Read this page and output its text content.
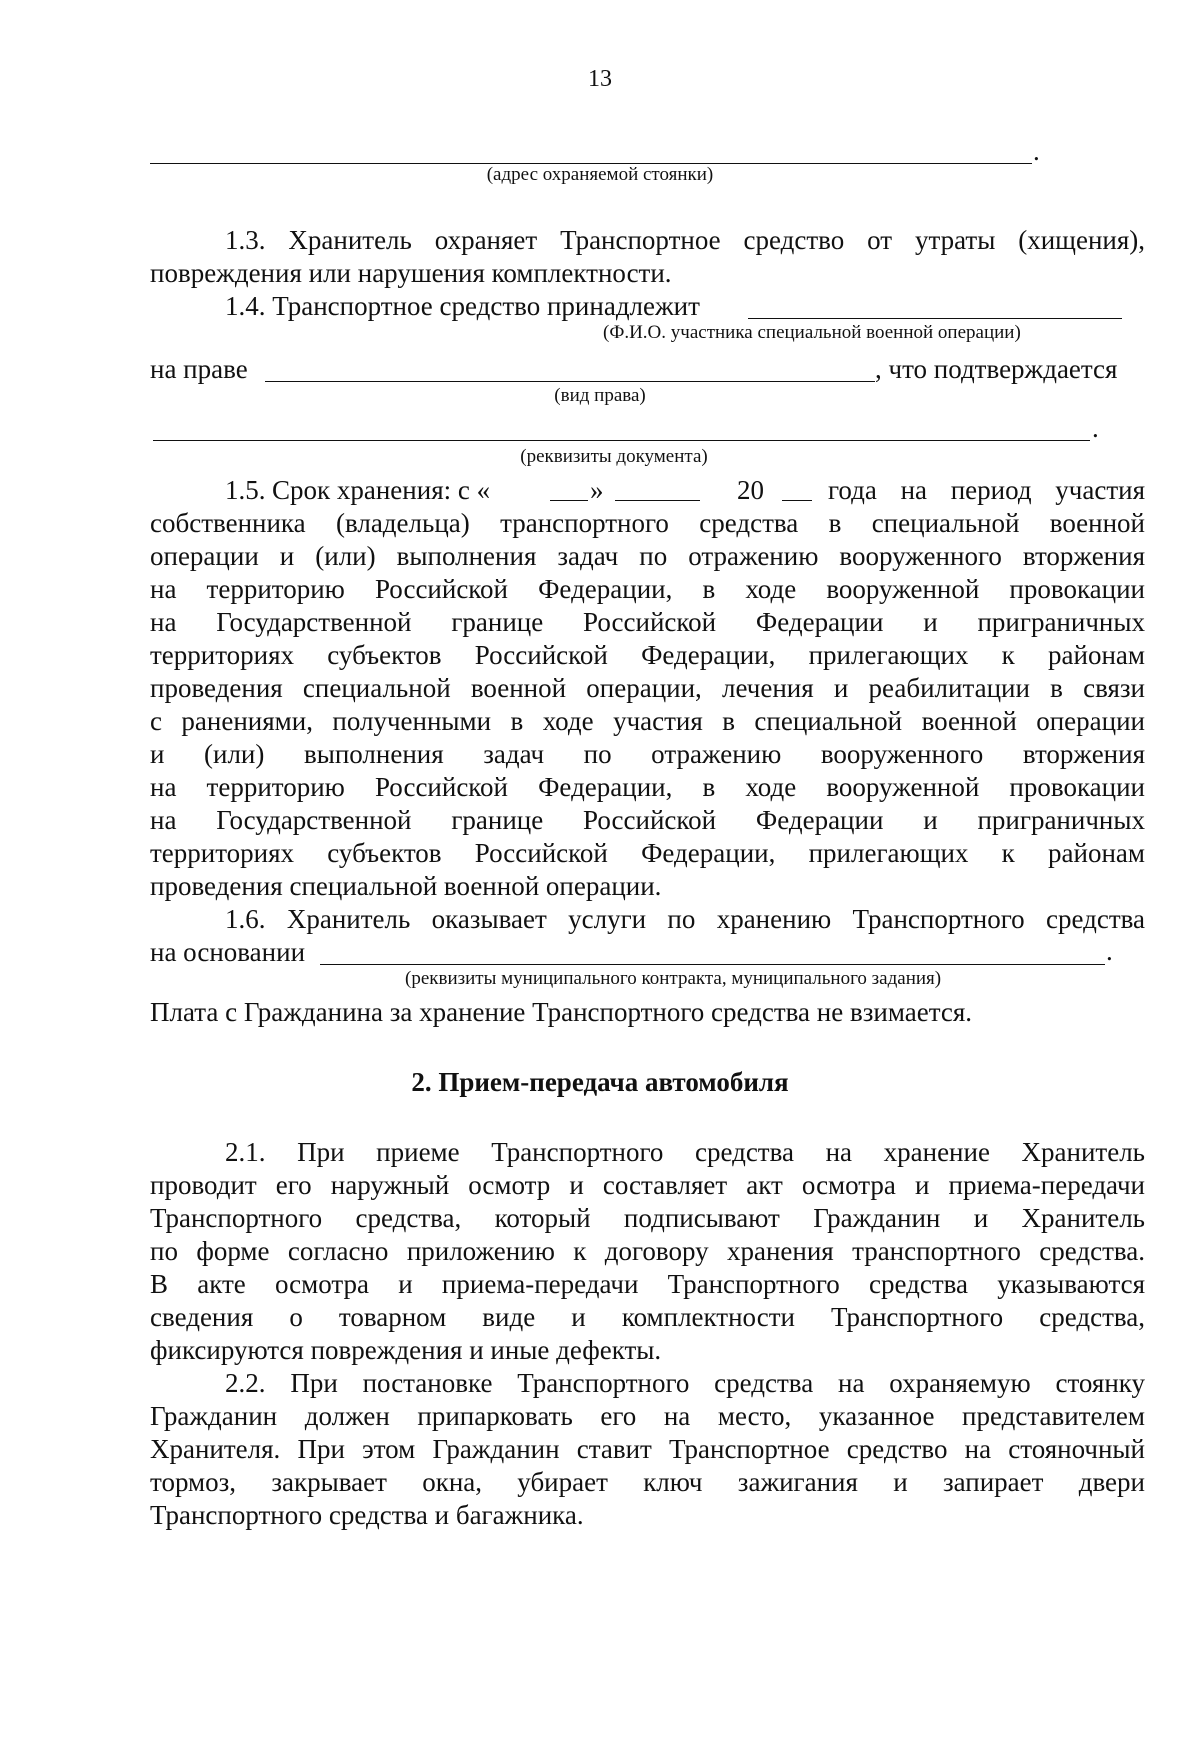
13
.
(адрес охраняемой стоянки)
1.3. Хранитель охраняет Транспортное средство от утраты (хищения),
повреждения или нарушения комплектности.
1.4. Транспортное средство принадлежит
(Ф.И.О. участника специальной военной операции)
на праве	, что подтверждается
(вид права)
.
(реквизиты документа)
1.5. Срок хранения: с «	»	20 года на период участия
собственника (владельца) транспортного средства в специальной военной
операции и (или) выполнения задач по отражению вооруженного вторжения
на территорию Российской Федерации, в ходе вооруженной провокации
на Государственной границе Российской Федерации и приграничных
территориях субъектов Российской Федерации, прилегающих к районам
проведения специальной военной операции, лечения и реабилитации в связи
с ранениями, полученными в ходе участия в специальной военной операции
и (или) выполнения задач по отражению вооруженного вторжения
на территорию Российской Федерации, в ходе вооруженной провокации
на Государственной границе Российской Федерации и приграничных
территориях субъектов Российской Федерации, прилегающих к районам
проведения специальной военной операции.
1.6. Хранитель оказывает услуги по хранению Транспортного средства
на основании	.
(реквизиты муниципального контракта, муниципального задания)
Плата с Гражданина за хранение Транспортного средства не взимается.
2. Прием-передача автомобиля
2.1. При приеме Транспортного средства на хранение Хранитель
проводит его наружный осмотр и составляет акт осмотра и приема-передачи
Транспортного средства, который подписывают Гражданин и Хранитель
по форме согласно приложению к договору хранения транспортного средства.
В акте осмотра и приема-передачи Транспортного средства указываются
сведения о товарном виде и комплектности Транспортного средства,
фиксируются повреждения и иные дефекты.
2.2. При постановке Транспортного средства на охраняемую стоянку
Гражданин должен припарковать его на место, указанное представителем
Хранителя. При этом Гражданин ставит Транспортное средство на стояночный
тормоз, закрывает окна, убирает ключ зажигания и запирает двери
Транспортного средства и багажника.
